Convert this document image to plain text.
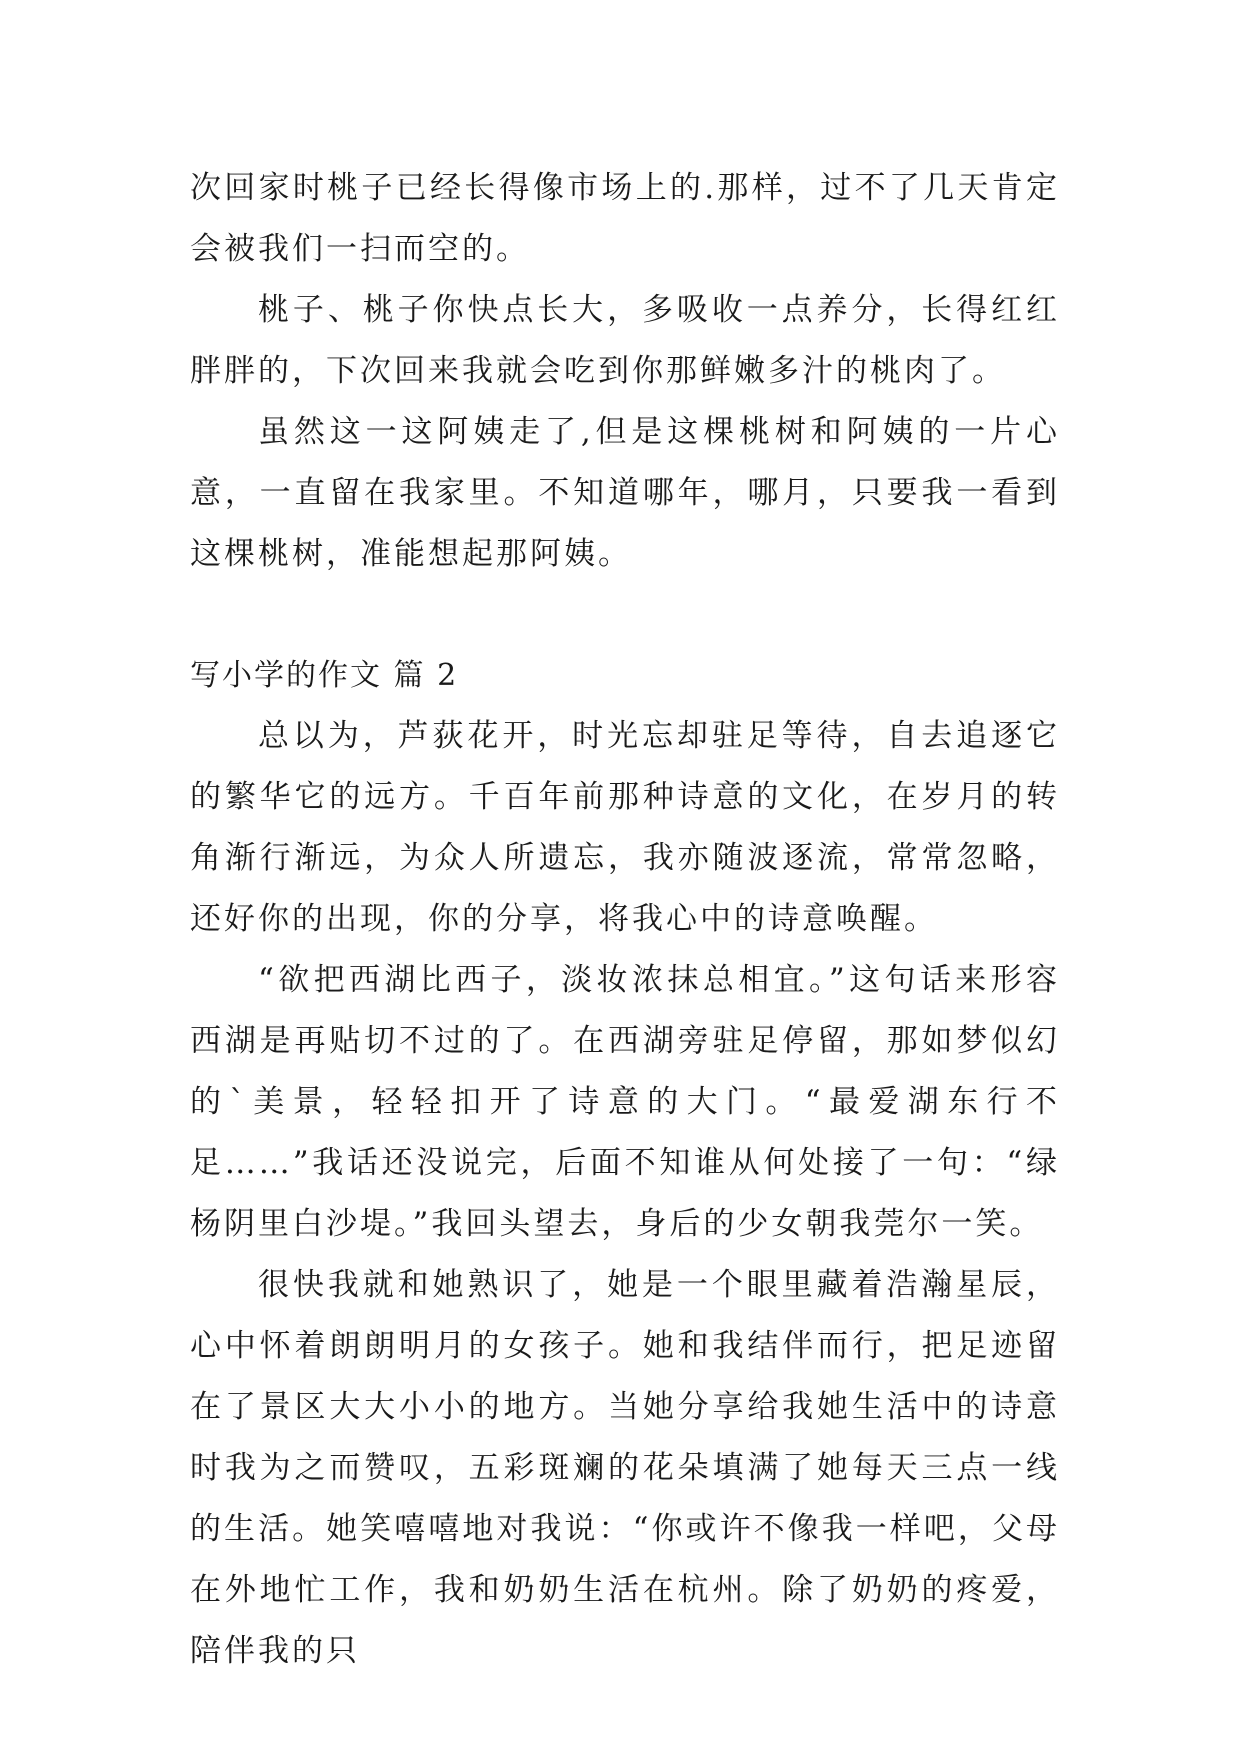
次回家时桃子已经长得像市场上的.那样，过不了几天肯定会被我们一扫而空的。

桃子、桃子你快点长大，多吸收一点养分，长得红红胖胖的，下次回来我就会吃到你那鲜嫩多汁的桃肉了。

虽然这一这阿姨走了,但是这棵桃树和阿姨的一片心意，一直留在我家里。不知道哪年，哪月，只要我一看到这棵桃树，准能想起那阿姨。

写小学的作文 篇 2

总以为，芦荻花开，时光忘却驻足等待，自去追逐它的繁华它的远方。千百年前那种诗意的文化，在岁月的转角渐行渐远，为众人所遗忘，我亦随波逐流，常常忽略，还好你的出现，你的分享，将我心中的诗意唤醒。

“欲把西湖比西子，淡妆浓抹总相宜。”这句话来形容西湖是再贴切不过的了。在西湖旁驻足停留，那如梦似幻的`美景，轻轻扣开了诗意的大门。“最爱湖东行不足……”我话还没说完，后面不知谁从何处接了一句：“绿杨阴里白沙堤。”我回头望去，身后的少女朝我莞尔一笑。

很快我就和她熟识了，她是一个眼里藏着浩瀚星辰，心中怀着朗朗明月的女孩子。她和我结伴而行，把足迹留在了景区大大小小的地方。当她分享给我她生活中的诗意时我为之而赞叹，五彩斑斓的花朵填满了她每天三点一线的生活。她笑嘻嘻地对我说：“你或许不像我一样吧，父母在外地忙工作，我和奶奶生活在杭州。除了奶奶的疼爱，陪伴我的只
